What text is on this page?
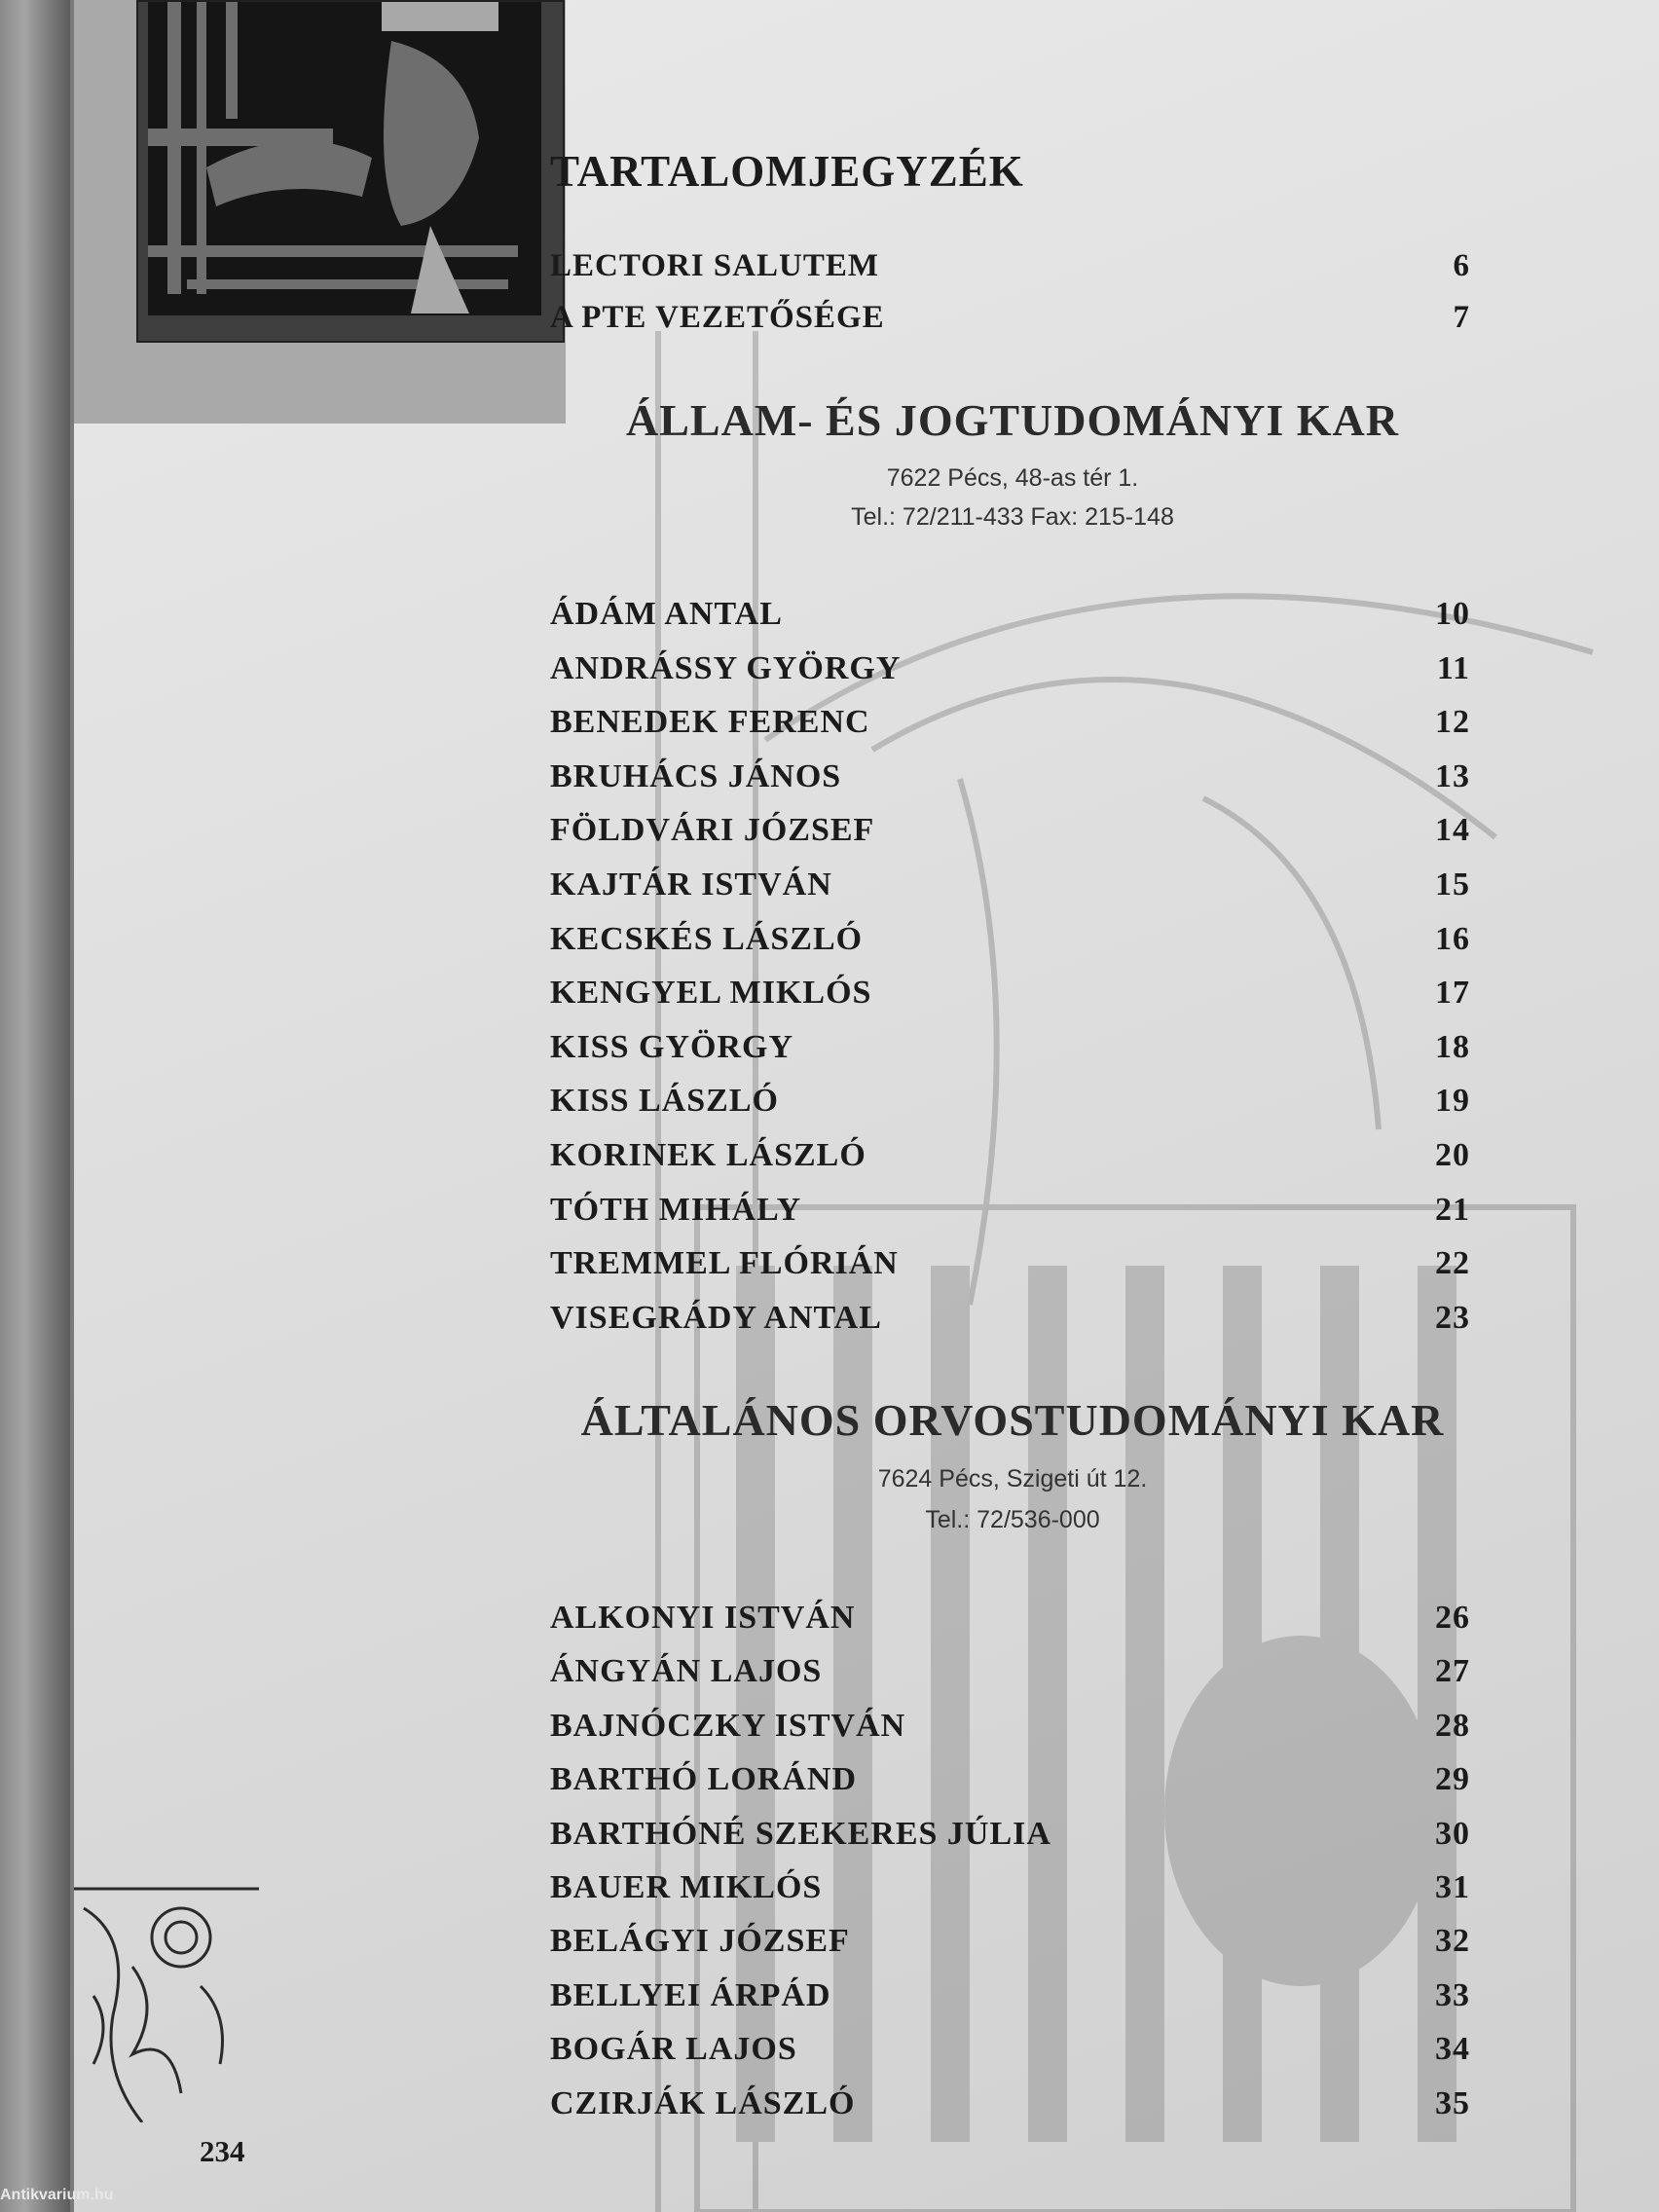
TARTALOMJEGYZÉK
LECTORI SALUTEM	6
A PTE VEZETŐSÉGE	7
ÁLLAM- ÉS JOGTUDOMÁNYI KAR
7622 Pécs, 48-as tér 1.
Tel.: 72/211-433 Fax: 215-148
ÁDÁM ANTAL	10
ANDRÁSSY GYÖRGY	11
BENEDEK FERENC	12
BRUHÁCS JÁNOS	13
FÖLDVÁRI JÓZSEF	14
KAJTÁR ISTVÁN	15
KECSKÉS LÁSZLÓ	16
KENGYEL MIKLÓS	17
KISS GYÖRGY	18
KISS LÁSZLÓ	19
KORINEK LÁSZLÓ	20
TÓTH MIHÁLY	21
TREMMEL FLÓRIÁN	22
VISEGRÁDY ANTAL	23
ÁLTALÁNOS ORVOSTUDOMÁNYI KAR
7624 Pécs, Szigeti út 12.
Tel.: 72/536-000
ALKONYI ISTVÁN	26
ÁNGYÁN LAJOS	27
BAJNÓCZKY ISTVÁN	28
BARTHÓ LORÁND	29
BARTHÓNÉ SZEKERES JÚLIA	30
BAUER MIKLÓS	31
BELÁGYI JÓZSEF	32
BELLYEI ÁRPÁD	33
BOGÁR LAJOS	34
CZIRJÁK LÁSZLÓ	35
234
Antikvarium.hu
